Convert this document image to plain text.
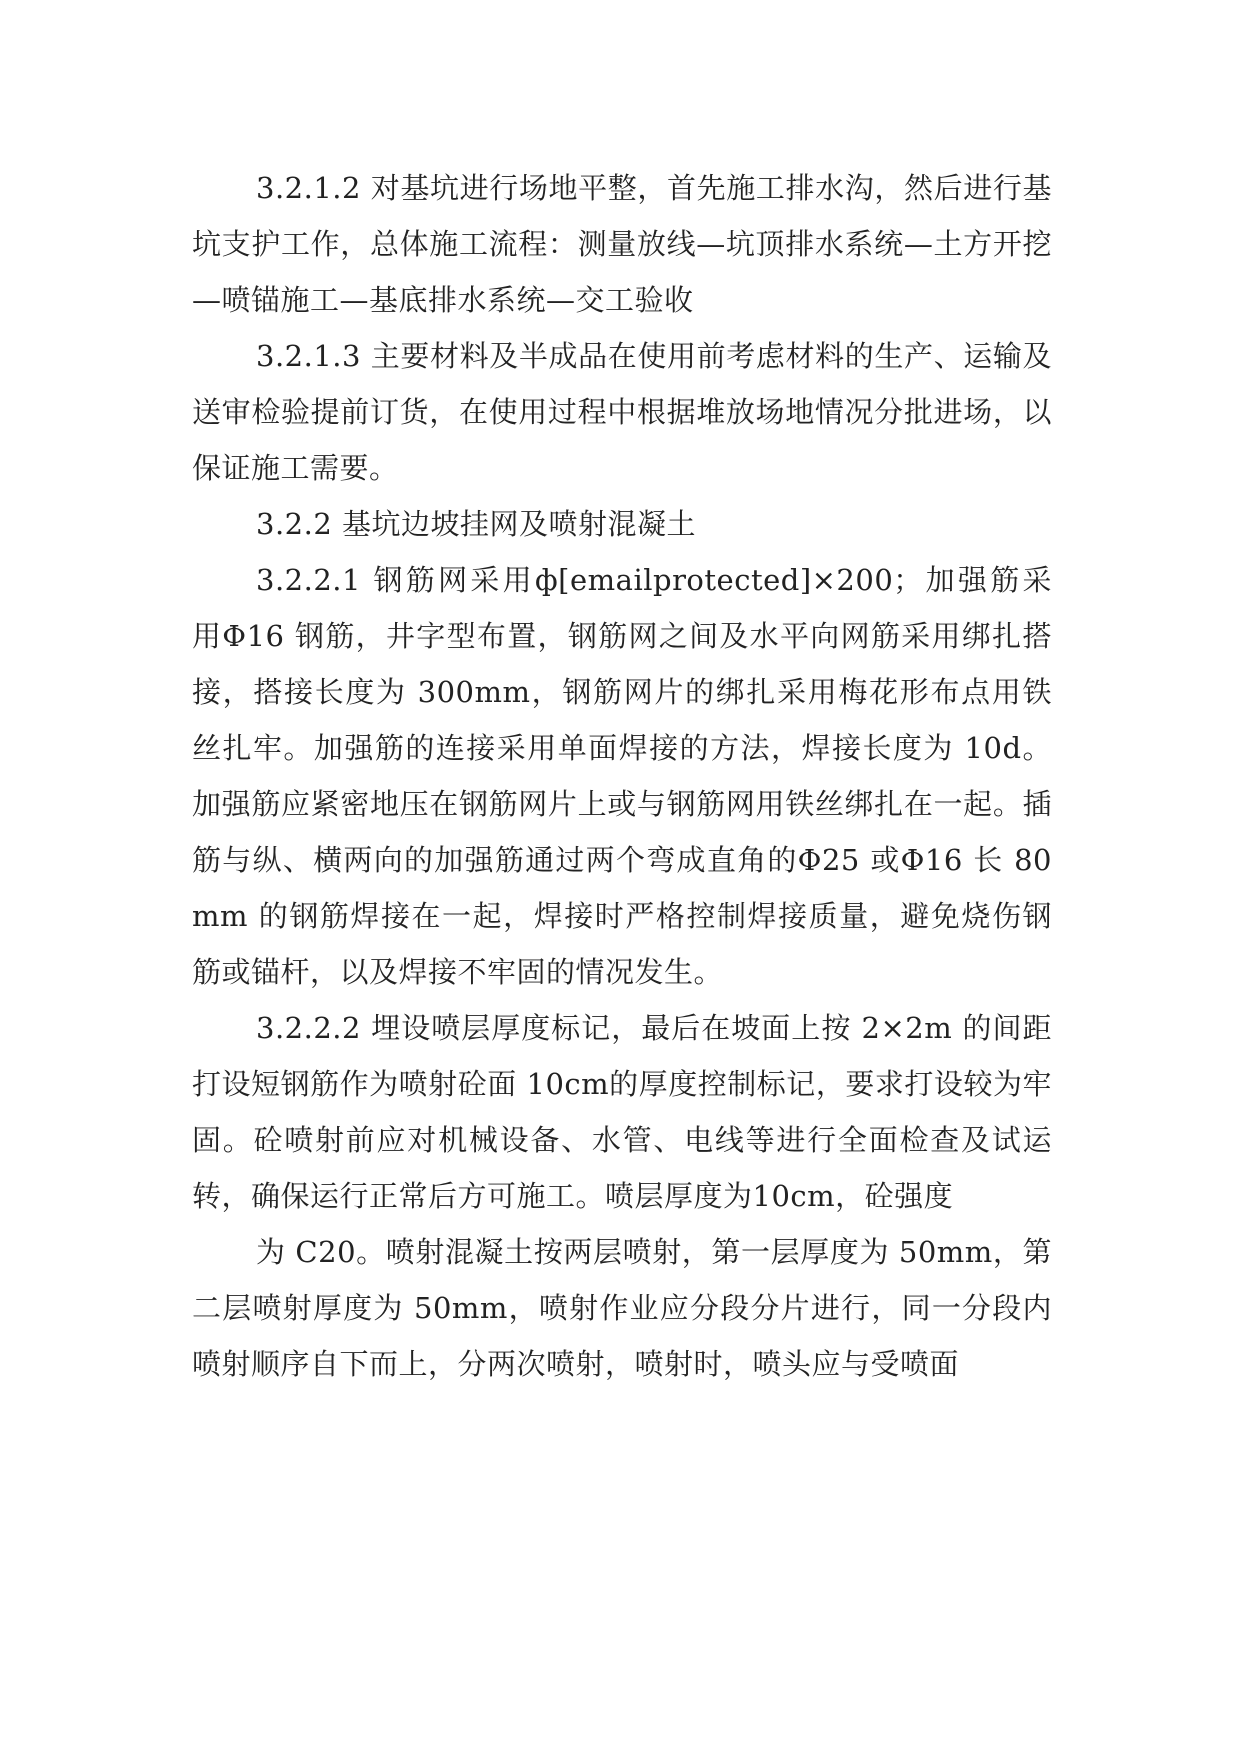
3.2.1.2 对基坑进行场地平整，首先施工排水沟，然后进行基坑支护工作，总体施工流程：测量放线—坑顶排水系统—土方开挖—喷锚施工—基底排水系统—交工验收

3.2.1.3 主要材料及半成品在使用前考虑材料的生产、运输及送审检验提前订货，在使用过程中根据堆放场地情况分批进场，以保证施工需要。

3.2.2 基坑边坡挂网及喷射混凝土

3.2.2.1 钢筋网采用ф[emailprotected]×200；加强筋采用Φ16 钢筋，井字型布置，钢筋网之间及水平向网筋采用绑扎搭接，搭接长度为 300mm，钢筋网片的绑扎采用梅花形布点用铁丝扎牢。加强筋的连接采用单面焊接的方法，焊接长度为 10d。加强筋应紧密地压在钢筋网片上或与钢筋网用铁丝绑扎在一起。插筋与纵、横两向的加强筋通过两个弯成直角的Φ25 或Φ16 长 80mm 的钢筋焊接在一起，焊接时严格控制焊接质量，避免烧伤钢筋或锚杆，以及焊接不牢固的情况发生。

3.2.2.2 埋设喷层厚度标记，最后在坡面上按 2×2m 的间距打设短钢筋作为喷射砼面 10cm的厚度控制标记，要求打设较为牢固。砼喷射前应对机械设备、水管、电线等进行全面检查及试运转，确保运行正常后方可施工。喷层厚度为10cm，砼强度

为 C20。喷射混凝土按两层喷射，第一层厚度为 50mm，第二层喷射厚度为 50mm，喷射作业应分段分片进行，同一分段内喷射顺序自下而上，分两次喷射，喷射时，喷头应与受喷面
